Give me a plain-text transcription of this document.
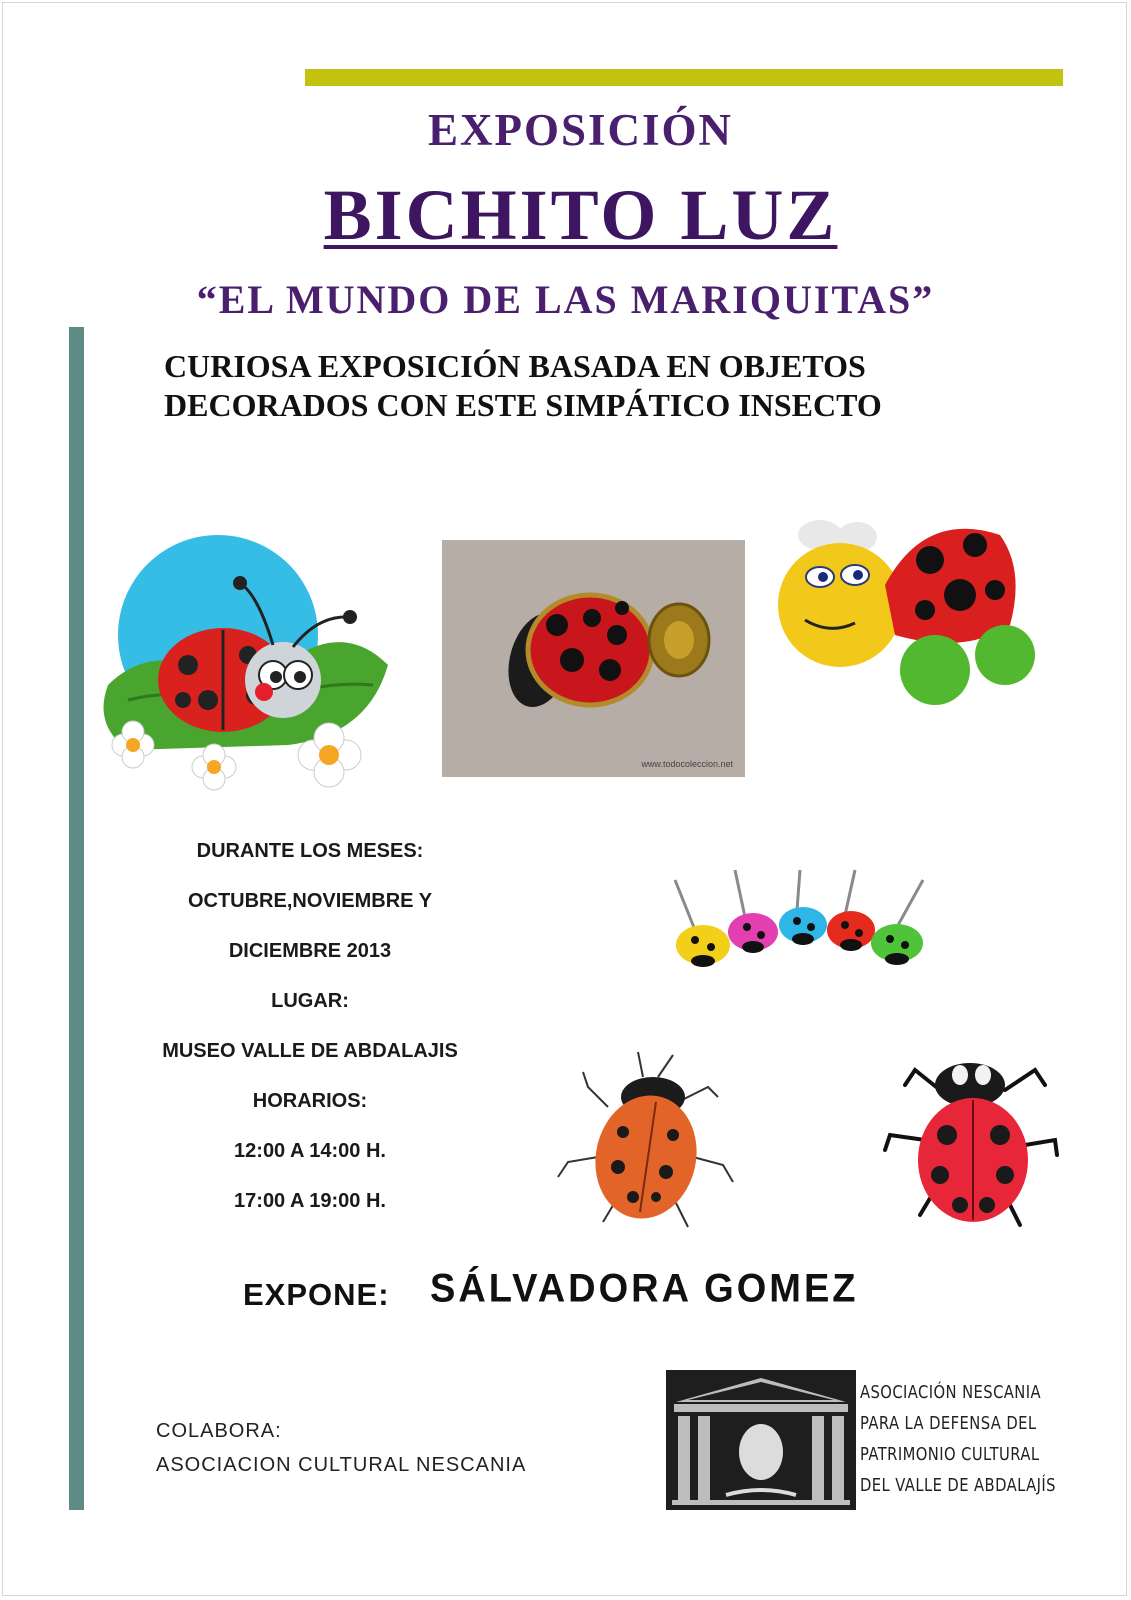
EXPOSICIÓN
BICHITO LUZ
“EL MUNDO DE LAS MARIQUITAS”
CURIOSA EXPOSICIÓN BASADA EN OBJETOS
DECORADOS CON ESTE SIMPÁTICO INSECTO
www.todocoleccion.net
DURANTE LOS MESES:
OCTUBRE,NOVIEMBRE Y
DICIEMBRE 2013
LUGAR:
MUSEO VALLE DE ABDALAJIS
HORARIOS:
12:00 A 14:00 H.
17:00 A 19:00 H.
EXPONE: SÁLVADORA GOMEZ
COLABORA:
ASOCIACION CULTURAL NESCANIA
ASOCIACIÓN NESCANIA
PARA LA DEFENSA DEL
PATRIMONIO CULTURAL
DEL VALLE DE ABDALAJÍS
